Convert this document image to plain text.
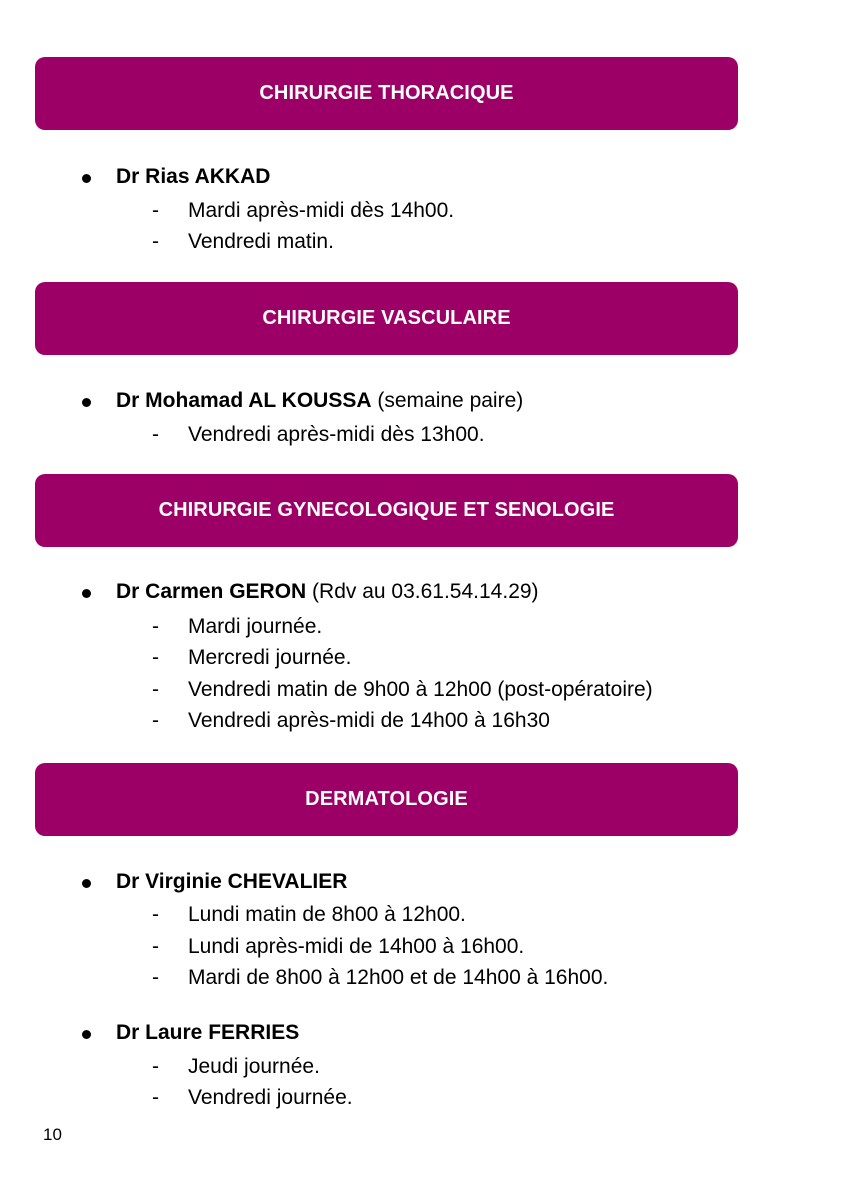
CHIRURGIE THORACIQUE
Dr Rias AKKAD
- Mardi après-midi dès 14h00.
- Vendredi matin.
CHIRURGIE VASCULAIRE
Dr Mohamad AL KOUSSA (semaine paire)
- Vendredi après-midi dès 13h00.
CHIRURGIE GYNECOLOGIQUE ET SENOLOGIE
Dr Carmen GERON (Rdv au 03.61.54.14.29)
- Mardi journée.
- Mercredi journée.
- Vendredi matin de 9h00 à 12h00 (post-opératoire)
- Vendredi après-midi de 14h00 à 16h30
DERMATOLOGIE
Dr Virginie CHEVALIER
- Lundi matin de 8h00 à 12h00.
- Lundi après-midi de 14h00 à 16h00.
- Mardi de 8h00 à 12h00 et de 14h00 à 16h00.
Dr Laure FERRIES
- Jeudi journée.
- Vendredi journée.
10
